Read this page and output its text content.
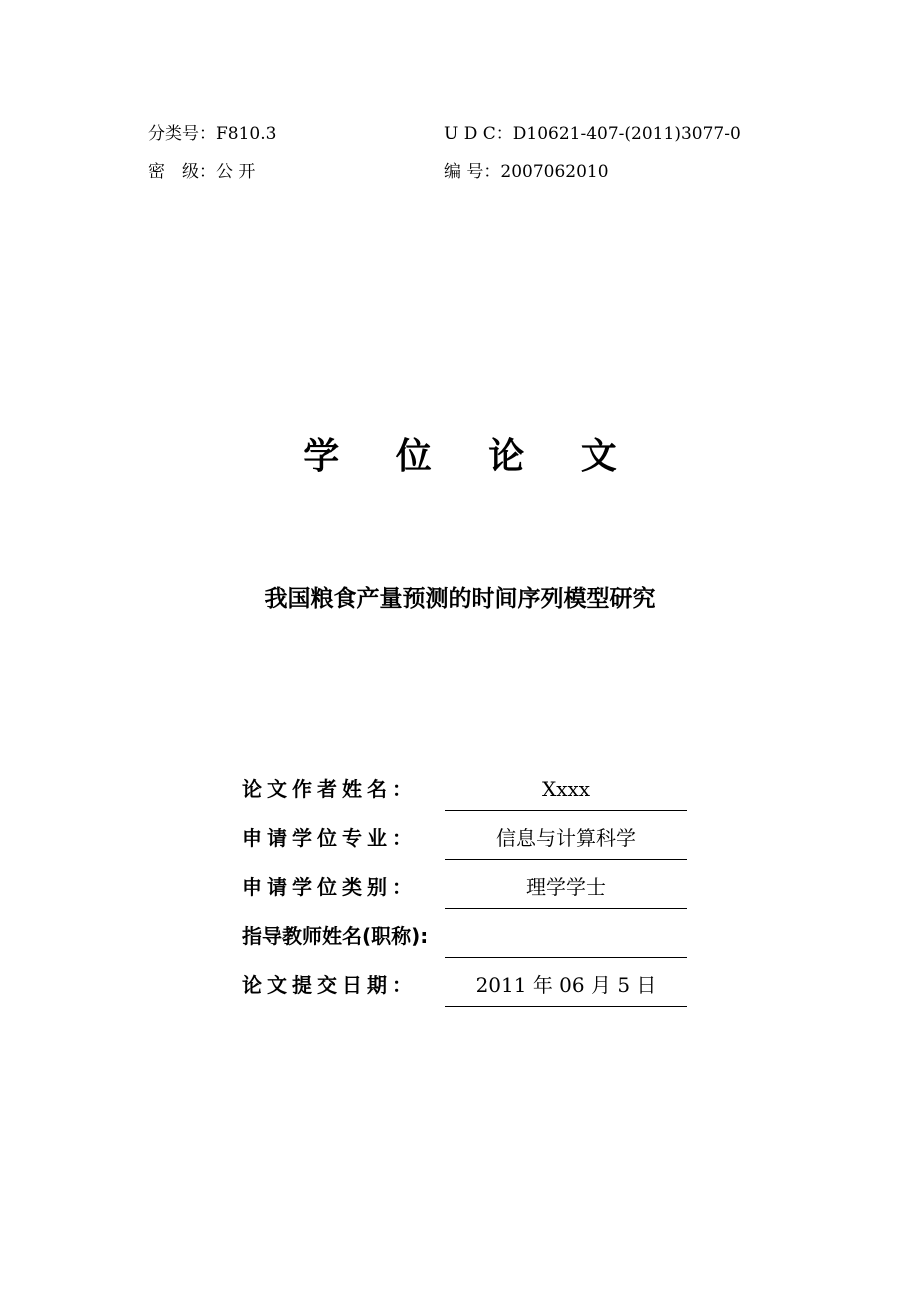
分类号：F810.3	U D C：D10621-407-(2011)3077-0
密　级：公 开	编 号：2007062010
学 位 论 文
我国粮食产量预测的时间序列模型研究
论文作者姓名：	Xxxx
申请学位专业：	信息与计算科学
申请学位类别：	理学学士
指导教师姓名(职称):
论文提交日期：	2011 年 06 月 5 日
